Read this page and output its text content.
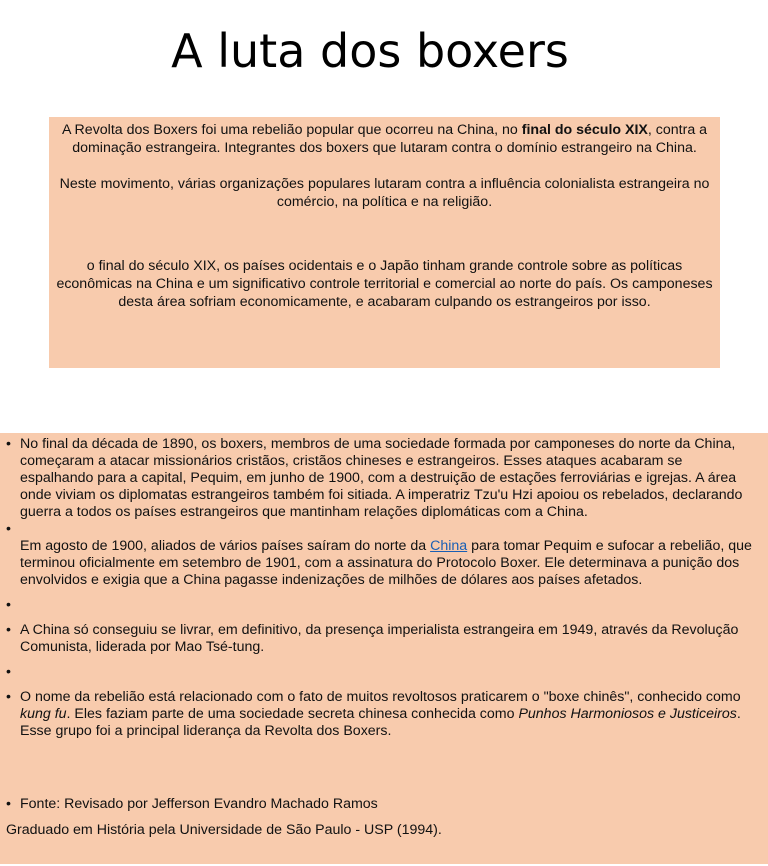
A luta dos boxers

A Revolta dos Boxers foi uma rebelião popular que ocorreu na China, no final do século XIX, contra a dominação estrangeira. Integrantes dos boxers que lutaram contra o domínio estrangeiro na China.

Neste movimento, várias organizações populares lutaram contra a influência colonialista estrangeira no comércio, na política e na religião.

o final do século XIX, os países ocidentais e o Japão tinham grande controle sobre as políticas econômicas na China e um significativo controle territorial e comercial ao norte do país. Os camponeses desta área sofriam economicamente, e acabaram culpando os estrangeiros por isso.

• No final da década de 1890, os boxers, membros de uma sociedade formada por camponeses do norte da China, começaram a atacar missionários cristãos, cristãos chineses e estrangeiros. Esses ataques acabaram se espalhando para a capital, Pequim, em junho de 1900, com a destruição de estações ferroviárias e igrejas. A área onde viviam os diplomatas estrangeiros também foi sitiada. A imperatriz Tzu'u Hzi apoiou os rebelados, declarando guerra a todos os países estrangeiros que mantinham relações diplomáticas com a China.
•
Em agosto de 1900, aliados de vários países saíram do norte da China para tomar Pequim e sufocar a rebelião, que terminou oficialmente em setembro de 1901, com a assinatura do Protocolo Boxer. Ele determinava a punição dos envolvidos e exigia que a China pagasse indenizações de milhões de dólares aos países afetados.
•
• A China só conseguiu se livrar, em definitivo, da presença imperialista estrangeira em 1949, através da Revolução Comunista, liderada por Mao Tsé-tung.
•
• O nome da rebelião está relacionado com o fato de muitos revoltosos praticarem o "boxe chinês", conhecido como kung fu. Eles faziam parte de uma sociedade secreta chinesa conhecida como Punhos Harmoniosos e Justiceiros. Esse grupo foi a principal liderança da Revolta dos Boxers.
• Fonte: Revisado por Jefferson Evandro Machado Ramos
Graduado em História pela Universidade de São Paulo - USP (1994).
